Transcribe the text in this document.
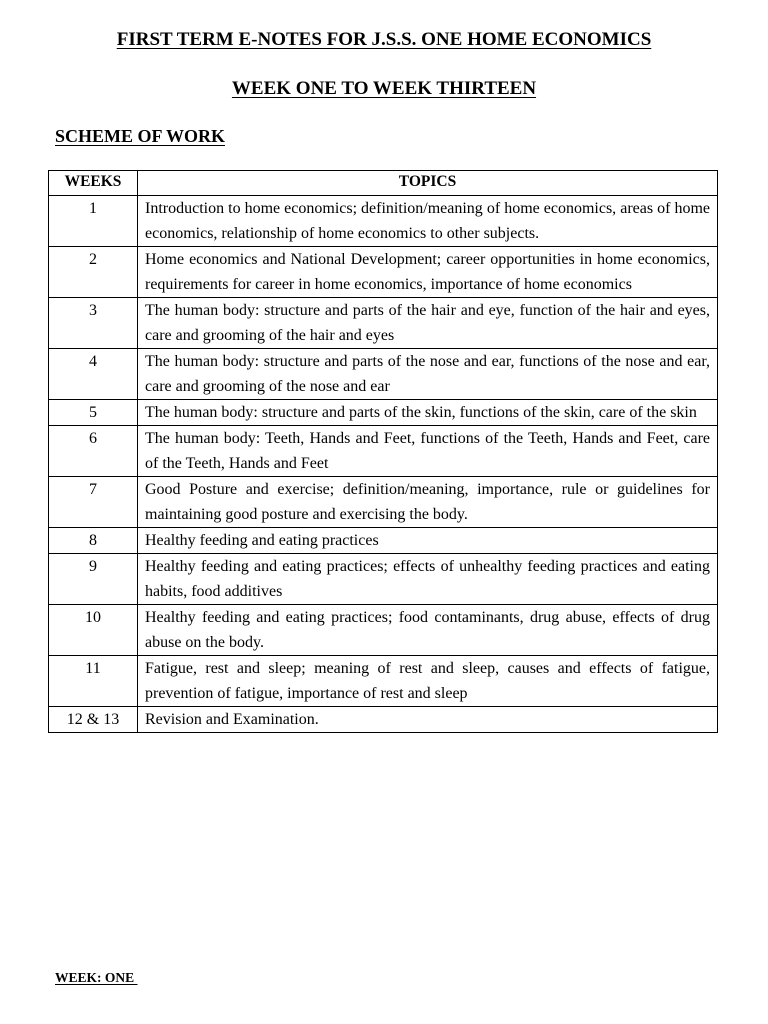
FIRST TERM E-NOTES FOR J.S.S. ONE HOME ECONOMICS
WEEK ONE TO WEEK THIRTEEN
SCHEME OF WORK
WEEKS	TOPICS
1	Introduction to home economics; definition/meaning of home economics, areas of home economics, relationship of home economics to other subjects.
2	Home economics and National Development; career opportunities in home economics, requirements for career in home economics, importance of home economics
3	The human body: structure and parts of the hair and eye, function of the hair and eyes, care and grooming of the hair and eyes
4	The human body: structure and parts of the nose and ear, functions of the nose and ear, care and grooming of the nose and ear
5	The human body: structure and parts of the skin, functions of the skin, care of the skin
6	The human body: Teeth, Hands and Feet, functions of the Teeth, Hands and Feet, care of the Teeth, Hands and Feet
7	Good Posture and exercise; definition/meaning, importance, rule or guidelines for maintaining good posture and exercising the body.
8	Healthy feeding and eating practices
9	Healthy feeding and eating practices; effects of unhealthy feeding practices and eating habits, food additives
10	Healthy feeding and eating practices; food contaminants, drug abuse, effects of drug abuse on the body.
11	Fatigue, rest and sleep; meaning of rest and sleep, causes and effects of fatigue, prevention of fatigue, importance of rest and sleep
12 & 13	Revision and Examination.

WEEK: ONE
